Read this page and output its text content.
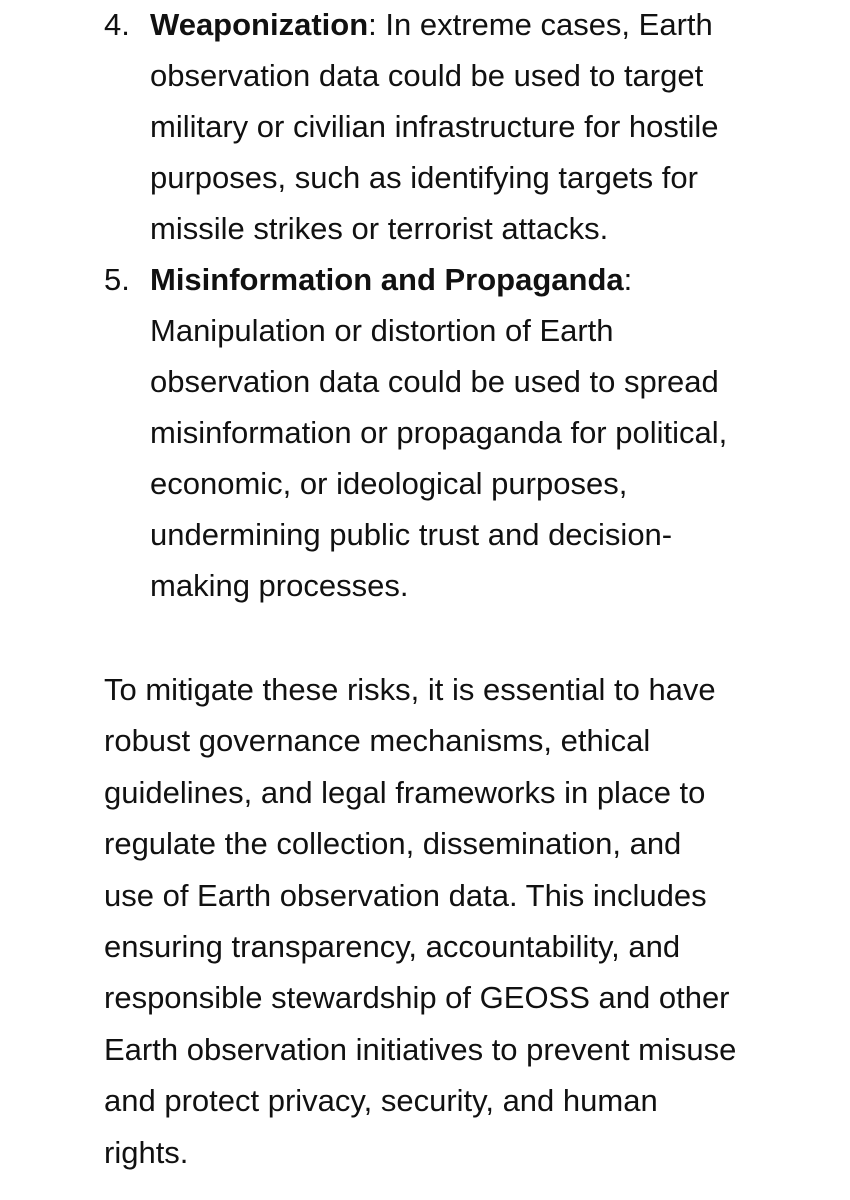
4. Weaponization: In extreme cases, Earth
observation data could be used to target
military or civilian infrastructure for hostile
purposes, such as identifying targets for
missile strikes or terrorist attacks.
5. Misinformation and Propaganda:
Manipulation or distortion of Earth
observation data could be used to spread
misinformation or propaganda for political,
economic, or ideological purposes,
undermining public trust and decision-
making processes.
To mitigate these risks, it is essential to have
robust governance mechanisms, ethical
guidelines, and legal frameworks in place to
regulate the collection, dissemination, and
use of Earth observation data. This includes
ensuring transparency, accountability, and
responsible stewardship of GEOSS and other
Earth observation initiatives to prevent misuse
and protect privacy, security, and human
rights.
